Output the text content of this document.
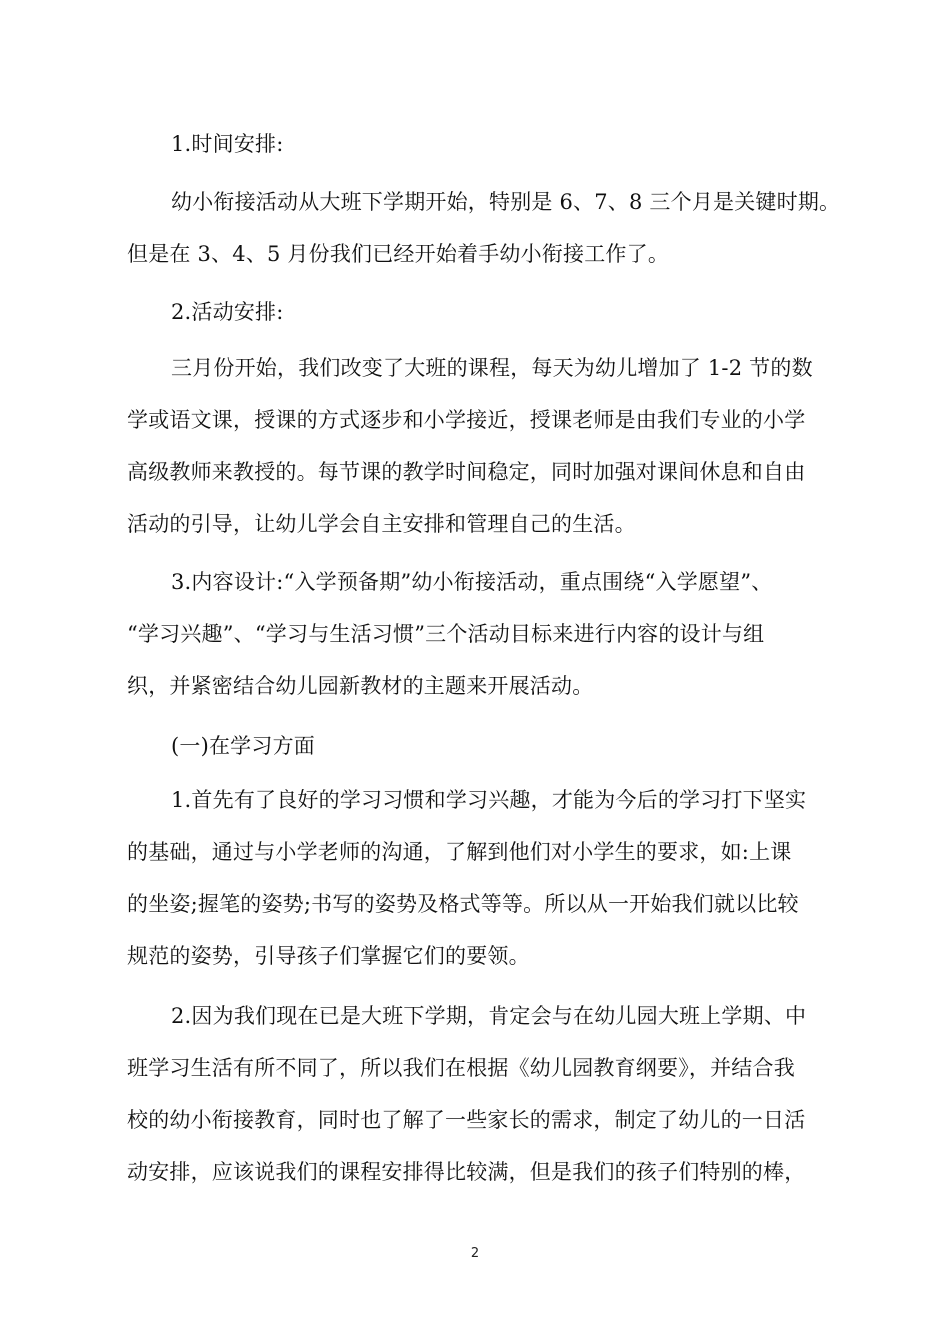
1.时间安排:
幼小衔接活动从大班下学期开始，特别是 6、7、8 三个月是关键时期。
但是在 3、4、5 月份我们已经开始着手幼小衔接工作了。
2.活动安排:
三月份开始，我们改变了大班的课程，每天为幼儿增加了 1-2 节的数
学或语文课，授课的方式逐步和小学接近，授课老师是由我们专业的小学
高级教师来教授的。每节课的教学时间稳定，同时加强对课间休息和自由
活动的引导，让幼儿学会自主安排和管理自己的生活。
3.内容设计:“入学预备期”幼小衔接活动，重点围绕“入学愿望”、
“学习兴趣”、“学习与生活习惯”三个活动目标来进行内容的设计与组
织，并紧密结合幼儿园新教材的主题来开展活动。
(一)在学习方面
1.首先有了良好的学习习惯和学习兴趣，才能为今后的学习打下坚实
的基础，通过与小学老师的沟通，了解到他们对小学生的要求，如:上课
的坐姿;握笔的姿势;书写的姿势及格式等等。所以从一开始我们就以比较
规范的姿势，引导孩子们掌握它们的要领。
2.因为我们现在已是大班下学期，肯定会与在幼儿园大班上学期、中
班学习生活有所不同了，所以我们在根据《幼儿园教育纲要》，并结合我
校的幼小衔接教育，同时也了解了一些家长的需求，制定了幼儿的一日活
动安排，应该说我们的课程安排得比较满，但是我们的孩子们特别的棒，
2
